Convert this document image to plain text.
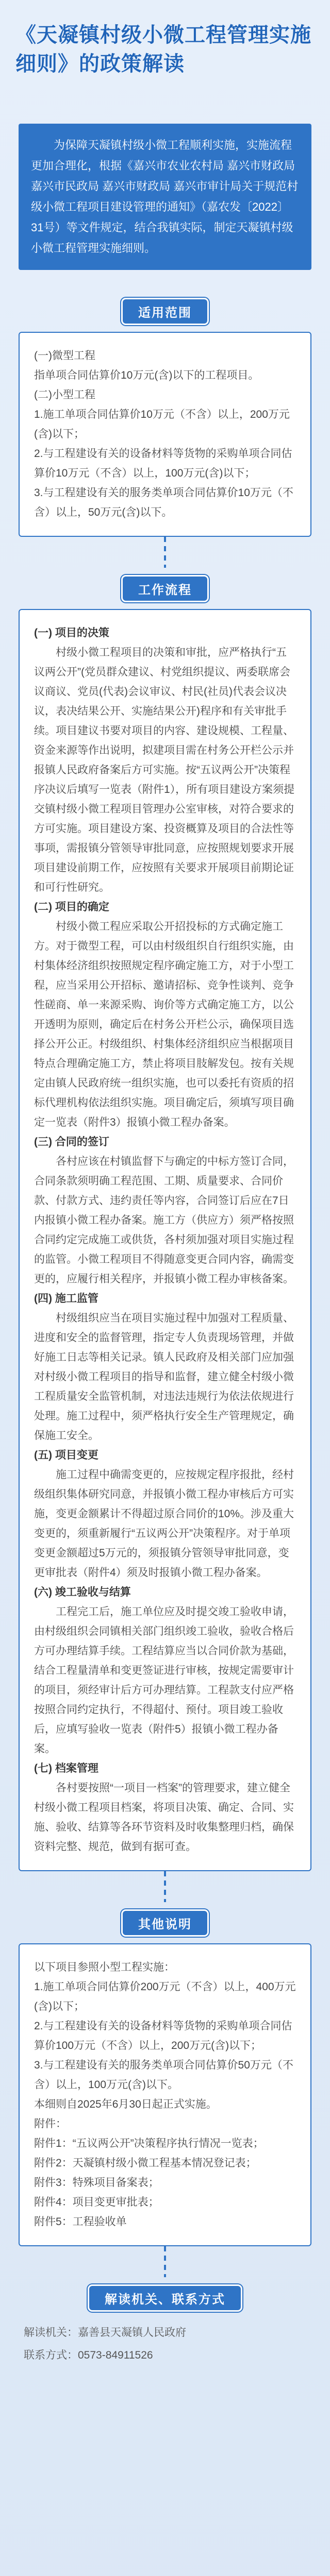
《天凝镇村级小微工程管理实施细则》的政策解读
为保障天凝镇村级小微工程顺利实施，实施流程更加合理化，根据《嘉兴市农业农村局 嘉兴市财政局 嘉兴市民政局 嘉兴市财政局 嘉兴市审计局关于规范村级小微工程项目建设管理的通知》（嘉农发〔2022〕31号）等文件规定，结合我镇实际，制定天凝镇村级小微工程管理实施细则。
适用范围

(一)微型工程

指单项合同估算价10万元(含)以下的工程项目。

(二)小型工程

1.施工单项合同估算价10万元（不含）以上，200万元(含)以下；

2.与工程建设有关的设备材料等货物的采购单项合同估算价10万元（不含）以上，100万元(含)以下；

3.与工程建设有关的服务类单项合同估算价10万元（不含）以上，50万元(含)以下。

工作流程

(一) 项目的决策

村级小微工程项目的决策和审批，应严格执行“五议两公开”(党员群众建议、村党组织提议、两委联席会议商议、党员(代表)会议审议、村民(社员)代表会议决议，表决结果公开、实施结果公开)程序和有关审批手续。项目建议书要对项目的内容、建设规模、工程量、资金来源等作出说明，拟建项目需在村务公开栏公示并报镇人民政府备案后方可实施。按“五议两公开”决策程序决议后填写一览表（附件1），所有项目建设方案须提交镇村级小微工程项目管理办公室审核，对符合要求的方可实施。项目建设方案、投资概算及项目的合法性等事项，需报镇分管领导审批同意，应按照规划要求开展项目建设前期工作，应按照有关要求开展项目前期论证和可行性研究。

(二) 项目的确定

村级小微工程应采取公开招投标的方式确定施工方。对于微型工程，可以由村级组织自行组织实施，由村集体经济组织按照规定程序确定施工方，对于小型工程，应当采用公开招标、邀请招标、竞争性谈判、竞争性磋商、单一来源采购、询价等方式确定施工方，以公开透明为原则，确定后在村务公开栏公示，确保项目选择公开公正。村级组织、村集体经济组织应当根据项目特点合理确定施工方，禁止将项目肢解发包。按有关规定由镇人民政府统一组织实施，也可以委托有资质的招标代理机构依法组织实施。项目确定后，须填写项目确定一览表（附件3）报镇小微工程办备案。

(三) 合同的签订

各村应该在村镇监督下与确定的中标方签订合同，合同条款须明确工程范围、工期、质量要求、合同价款、付款方式、违约责任等内容，合同签订后应在7日内报镇小微工程办备案。施工方（供应方）须严格按照合同约定完成施工或供货，各村须加强对项目实施过程的监管。小微工程项目不得随意变更合同内容，确需变更的，应履行相关程序，并报镇小微工程办审核备案。

(四) 施工监管

村级组织应当在项目实施过程中加强对工程质量、进度和安全的监督管理，指定专人负责现场管理，并做好施工日志等相关记录。镇人民政府及相关部门应加强对村级小微工程项目的指导和监督，建立健全村级小微工程质量安全监管机制，对违法违规行为依法依规进行处理。施工过程中，须严格执行安全生产管理规定，确保施工安全。

(五) 项目变更

施工过程中确需变更的，应按规定程序报批，经村级组织集体研究同意，并报镇小微工程办审核后方可实施，变更金额累计不得超过原合同价的10%。涉及重大变更的，须重新履行“五议两公开”决策程序。对于单项变更金额超过5万元的，须报镇分管领导审批同意，变更审批表（附件4）须及时报镇小微工程办备案。

(六) 竣工验收与结算

工程完工后，施工单位应及时提交竣工验收申请，由村级组织会同镇相关部门组织竣工验收，验收合格后方可办理结算手续。工程结算应当以合同价款为基础，结合工程量清单和变更签证进行审核，按规定需要审计的项目，须经审计后方可办理结算。工程款支付应严格按照合同约定执行，不得超付、预付。项目竣工验收后，应填写验收一览表（附件5）报镇小微工程办备案。

(七) 档案管理

各村要按照“一项目一档案”的管理要求，建立健全村级小微工程项目档案，将项目决策、确定、合同、实施、验收、结算等各环节资料及时收集整理归档，确保资料完整、规范，做到有据可查。

其他说明

以下项目参照小型工程实施：

1.施工单项合同估算价200万元（不含）以上，400万元(含)以下；

2.与工程建设有关的设备材料等货物的采购单项合同估算价100万元（不含）以上，200万元(含)以下；

3.与工程建设有关的服务类单项合同估算价50万元（不含）以上，100万元(含)以下。

本细则自2025年6月30日起正式实施。

附件：

附件1：“五议两公开”决策程序执行情况一览表；

附件2：天凝镇村级小微工程基本情况登记表；

附件3：特殊项目备案表；

附件4：项目变更审批表；

附件5：工程验收单

解读机关、联系方式
解读机关：嘉善县天凝镇人民政府
联系方式：0573-84911526
